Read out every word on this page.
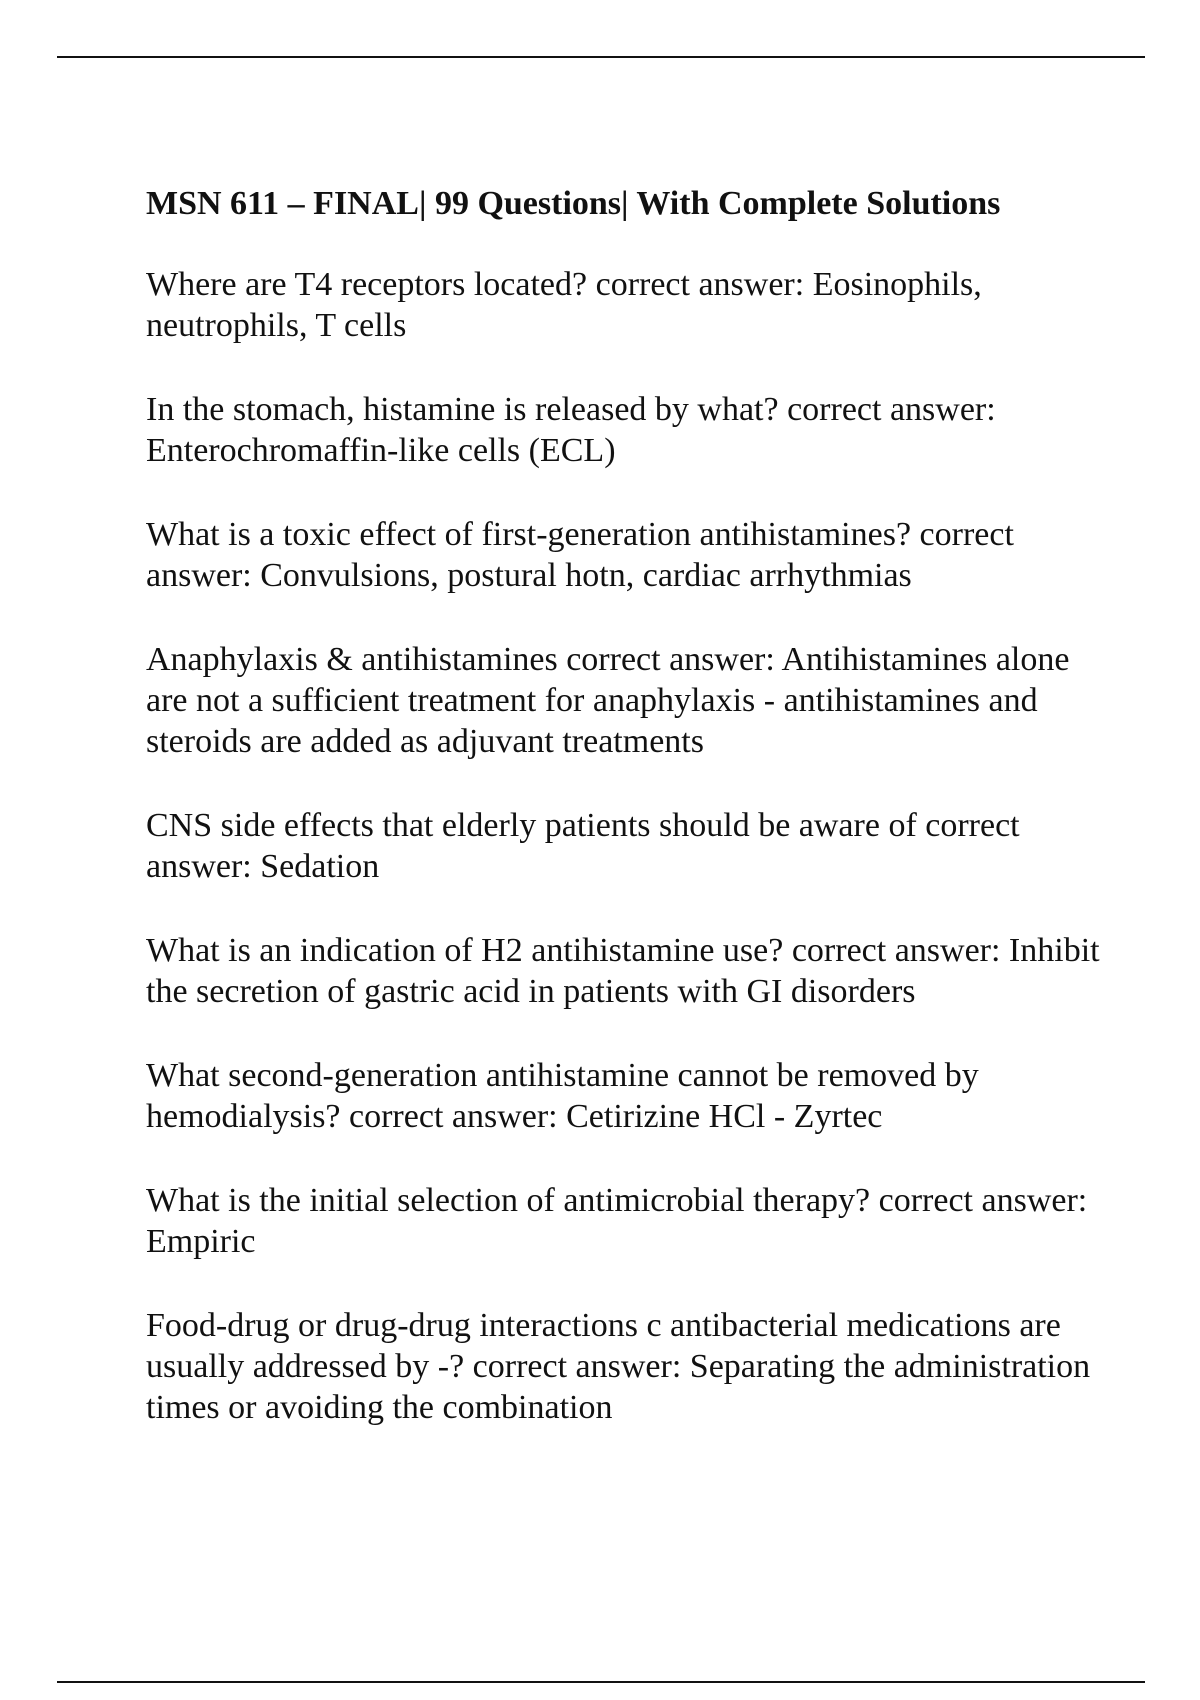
MSN 611 – FINAL| 99 Questions| With Complete Solutions
Where are T4 receptors located? correct answer: Eosinophils, neutrophils, T cells
In the stomach, histamine is released by what? correct answer: Enterochromaffin-like cells (ECL)
What is a toxic effect of first-generation antihistamines? correct answer: Convulsions, postural hotn, cardiac arrhythmias
Anaphylaxis & antihistamines correct answer: Antihistamines alone are not a sufficient treatment for anaphylaxis - antihistamines and steroids are added as adjuvant treatments
CNS side effects that elderly patients should be aware of correct answer: Sedation
What is an indication of H2 antihistamine use? correct answer: Inhibit the secretion of gastric acid in patients with GI disorders
What second-generation antihistamine cannot be removed by hemodialysis? correct answer: Cetirizine HCl - Zyrtec
What is the initial selection of antimicrobial therapy? correct answer: Empiric
Food-drug or drug-drug interactions c antibacterial medications are usually addressed by -? correct answer: Separating the administration times or avoiding the combination
